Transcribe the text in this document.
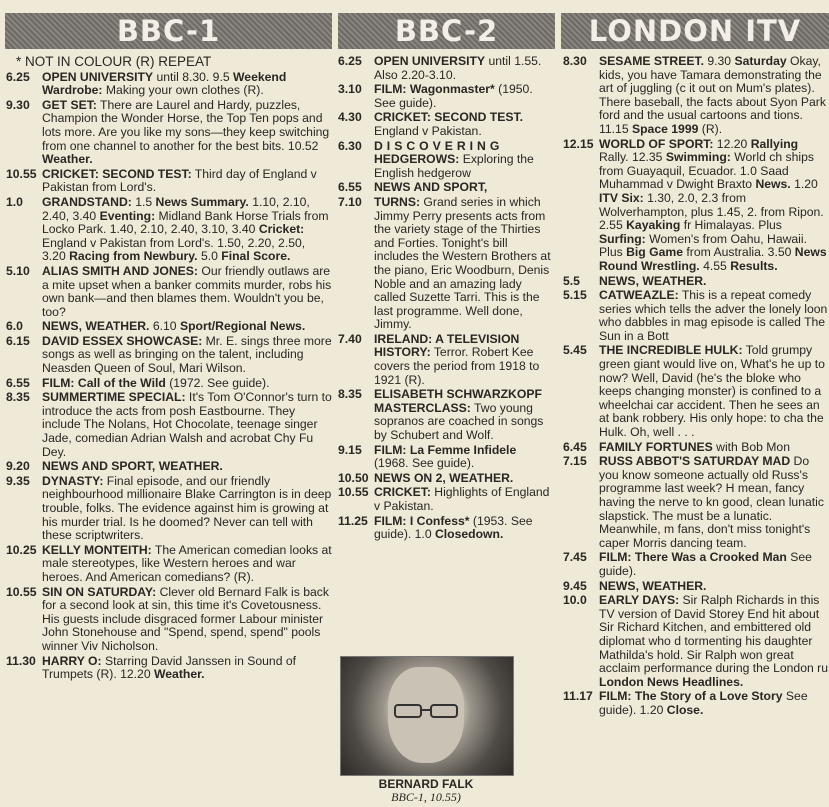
BBC-1	BBC-2	LONDON ITV
* NOT IN COLOUR (R) REPEAT
6.25	OPEN UNIVERSITY until 8.30. 9.5 Weekend Wardrobe: Making your own clothes (R).
9.30	GET SET: There are Laurel and Hardy, puzzles, Champion the Wonder Horse, the Top Ten pops and lots more. Are you like my sons—they keep switching from one channel to another for the best bits. 10.52 Weather.
10.55 CRICKET: SECOND TEST: Third day of England v Pakistan from Lord's.
1.0	GRANDSTAND: 1.5 News Summary. 1.10, 2.10, 2.40, 3.40 Eventing: Midland Bank Horse Trials from Locko Park. 1.40, 2.10, 2.40, 3.10, 3.40 Cricket: England v Pakistan from Lord's. 1.50, 2.20, 2.50, 3.20 Racing from Newbury. 5.0 Final Score.
5.10	ALIAS SMITH AND JONES: Our friendly outlaws are a mite upset when a banker commits murder, robs his own bank—and then blames them. Wouldn't you be, too?
6.0	NEWS, WEATHER. 6.10 Sport/Regional News.
6.15	DAVID ESSEX SHOWCASE: Mr. E. sings three more songs as well as bringing on the talent, including Neasden Queen of Soul, Mari Wilson.
6.55	FILM: Call of the Wild (1972. See guide).
8.35	SUMMERTIME SPECIAL: It's Tom O'Connor's turn to introduce the acts from posh Eastbourne. They include The Nolans, Hot Chocolate, teenage singer Jade, comedian Adrian Walsh and acrobat Chy Fu Dey.
9.20	NEWS AND SPORT, WEATHER.
9.35	DYNASTY: Final episode, and our friendly neighbourhood millionaire Blake Carrington is in deep trouble, folks. The evidence against him is growing at his murder trial. Is he doomed? Never can tell with these scriptwriters.
10.25 KELLY MONTEITH: The American comedian looks at male stereotypes, like Western heroes and war heroes. And American comedians? (R).
10.55 SIN ON SATURDAY: Clever old Bernard Falk is back for a second look at sin, this time it's Covetousness. His guests include disgraced former Labour minister John Stonehouse and "Spend, spend, spend" pools winner Viv Nicholson.
11.30 HARRY O: Starring David Janssen in Sound of Trumpets (R). 12.20 Weather.
6.25	OPEN UNIVERSITY until 1.55. Also 2.20-3.10.
3.10	FILM: Wagonmaster* (1950. See guide).
4.30	CRICKET: SECOND TEST. England v Pakistan.
6.30	DISCOVERING HEDGEROWS: Exploring the English hedgerow
6.55	NEWS AND SPORT,
7.10	TURNS: Grand series in which Jimmy Perry presents acts from the variety stage of the Thirties and Forties. Tonight's bill includes the Western Brothers at the piano, Eric Woodburn, Denis Noble and an amazing lady called Suzette Tarri. This is the last programme. Well done, Jimmy.
7.40	IRELAND: A TELEVISION HISTORY: Terror. Robert Kee covers the period from 1918 to 1921 (R).
8.35	ELISABETH SCHWARZKOPF MASTERCLASS: Two young sopranos are coached in songs by Schubert and Wolf.
9.15	FILM: La Femme Infidele (1968. See guide).
10.50 NEWS ON 2, WEATHER.
10.55 CRICKET: Highlights of England v Pakistan.
11.25 FILM: I Confess* (1953. See guide). 1.0 Closedown.
8.30	SESAME STREET. 9.30 Saturday Okay, kids, you have Tamara demonstrating the art of juggling (c it out on Mum's plates). There baseball, the facts about Syon Park ford and the usual cartoons and tions. 11.15 Space 1999 (R).
12.15 WORLD OF SPORT: 12.20 Rallying Rally. 12.35 Swimming: World ch ships from Guayaquil, Ecuador. 1.0 Saad Muhammad v Dwight Braxto News. 1.20 ITV Six: 1.30, 2.0, 2.3 from Wolverhampton, plus 1.45, 2. from Ripon. 2.55 Kayaking fr Himalayas. Plus Surfing: Women's from Oahu, Hawaii. Plus Big Game from Australia. 3.50 News Round Wrestling. 4.55 Results.
5.5	NEWS, WEATHER.
5.15	CATWEAZLE: This is a repeat comedy series which tells the adver the lonely loon who dabbles in mag episode is called The Sun in a Bott
5.45	THE INCREDIBLE HULK: Told grumpy green giant would live on, What's he up to now? Well, David (he's the bloke who keeps changing monster) is confined to a wheelchai car accident. Then he sees an at bank robbery. His only hope: to cha the Hulk. Oh, well . . .
6.45	FAMILY FORTUNES with Bob Mon
7.15	RUSS ABBOT'S SATURDAY MAD Do you know someone actually old Russ's programme last week? H mean, fancy having the nerve to kn good, clean lunatic slapstick. The must be a lunatic. Meanwhile, m fans, don't miss tonight's caper Morris dancing team.
7.45	FILM: There Was a Crooked Man See guide).
9.45	NEWS, WEATHER.
10.0	EARLY DAYS: Sir Ralph Richards in this TV version of David Storey End hit about Sir Richard Kitchen, and embittered old diplomat who d tormenting his daughter Mathilda's hold. Sir Ralph won great acclaim performance during the London ru London News Headlines.
11.17 FILM: The Story of a Love Story See guide). 1.20 Close.
BERNARD FALK
BBC-1, 10.55)
